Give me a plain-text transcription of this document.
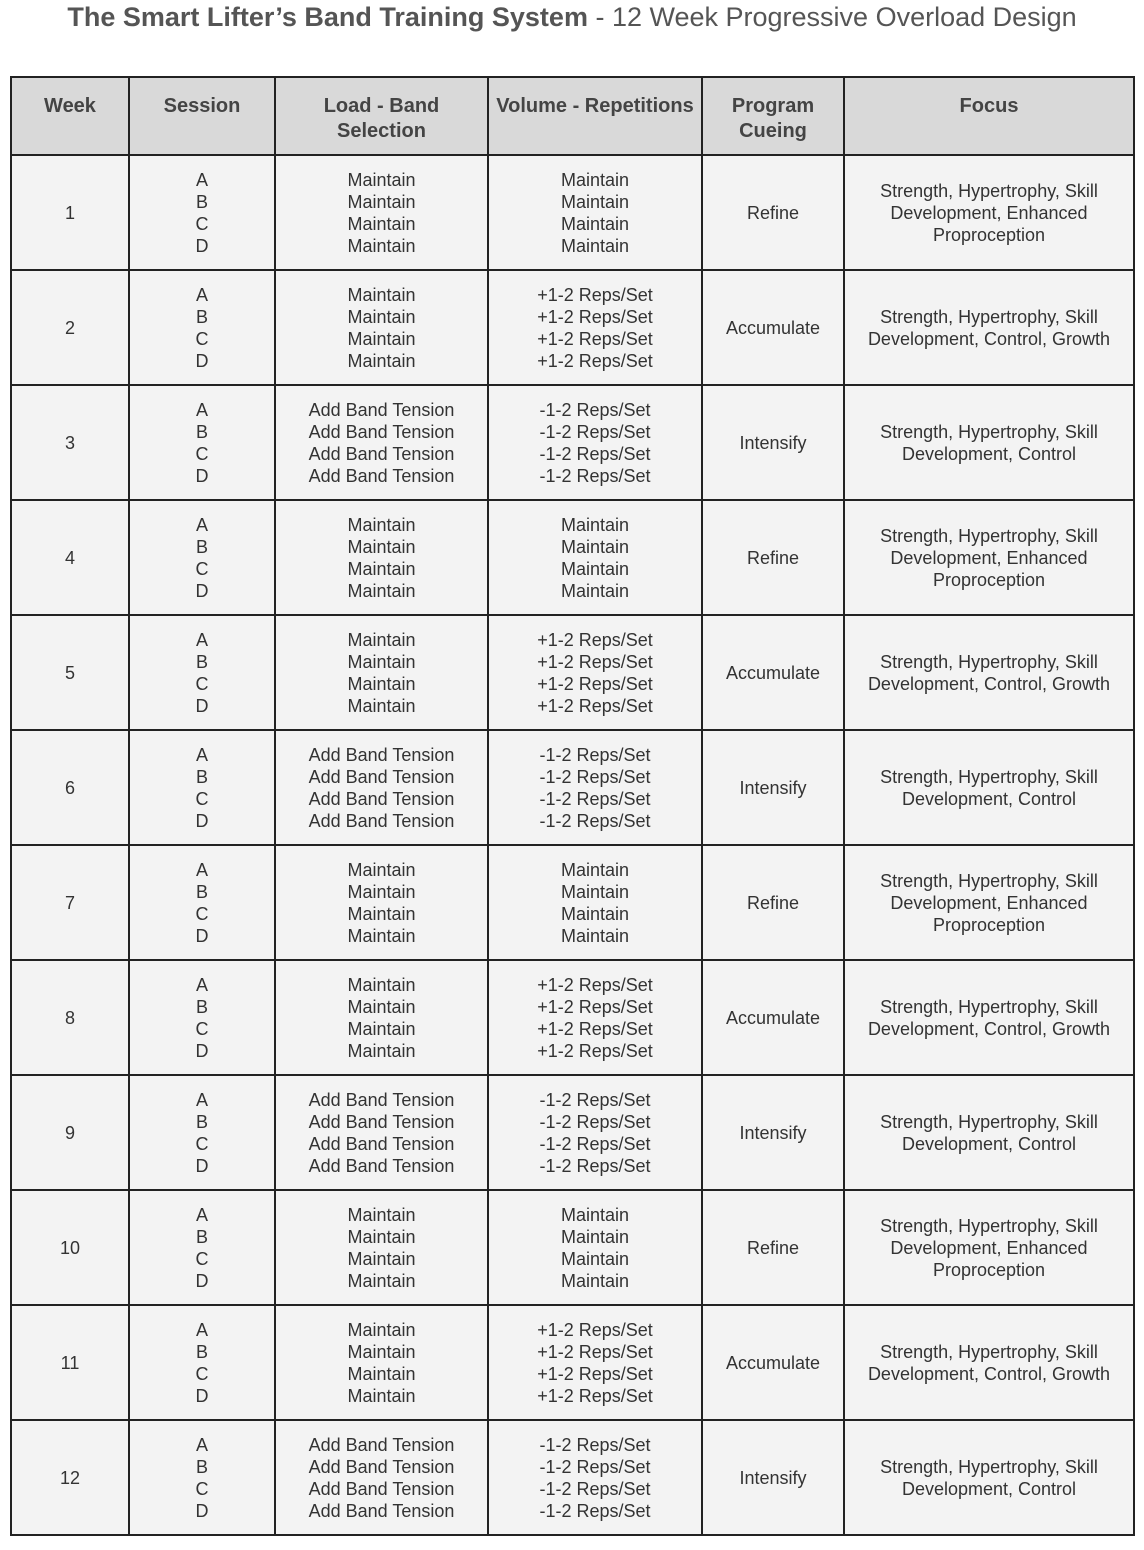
The Smart Lifter’s Band Training System - 12 Week Progressive Overload Design
Week	Session	Load - Band Selection	Volume - Repetitions	Program Cueing	Focus
1	A
B
C
D	Maintain
Maintain
Maintain
Maintain	Maintain
Maintain
Maintain
Maintain	Refine	Strength, Hypertrophy, Skill Development, Enhanced Proproception
2	A
B
C
D	Maintain
Maintain
Maintain
Maintain	+1-2 Reps/Set
+1-2 Reps/Set
+1-2 Reps/Set
+1-2 Reps/Set	Accumulate	Strength, Hypertrophy, Skill Development, Control, Growth
3	A
B
C
D	Add Band Tension
Add Band Tension
Add Band Tension
Add Band Tension	-1-2 Reps/Set
-1-2 Reps/Set
-1-2 Reps/Set
-1-2 Reps/Set	Intensify	Strength, Hypertrophy, Skill Development, Control
4	A
B
C
D	Maintain
Maintain
Maintain
Maintain	Maintain
Maintain
Maintain
Maintain	Refine	Strength, Hypertrophy, Skill Development, Enhanced Proproception
5	A
B
C
D	Maintain
Maintain
Maintain
Maintain	+1-2 Reps/Set
+1-2 Reps/Set
+1-2 Reps/Set
+1-2 Reps/Set	Accumulate	Strength, Hypertrophy, Skill Development, Control, Growth
6	A
B
C
D	Add Band Tension
Add Band Tension
Add Band Tension
Add Band Tension	-1-2 Reps/Set
-1-2 Reps/Set
-1-2 Reps/Set
-1-2 Reps/Set	Intensify	Strength, Hypertrophy, Skill Development, Control
7	A
B
C
D	Maintain
Maintain
Maintain
Maintain	Maintain
Maintain
Maintain
Maintain	Refine	Strength, Hypertrophy, Skill Development, Enhanced Proproception
8	A
B
C
D	Maintain
Maintain
Maintain
Maintain	+1-2 Reps/Set
+1-2 Reps/Set
+1-2 Reps/Set
+1-2 Reps/Set	Accumulate	Strength, Hypertrophy, Skill Development, Control, Growth
9	A
B
C
D	Add Band Tension
Add Band Tension
Add Band Tension
Add Band Tension	-1-2 Reps/Set
-1-2 Reps/Set
-1-2 Reps/Set
-1-2 Reps/Set	Intensify	Strength, Hypertrophy, Skill Development, Control
10	A
B
C
D	Maintain
Maintain
Maintain
Maintain	Maintain
Maintain
Maintain
Maintain	Refine	Strength, Hypertrophy, Skill Development, Enhanced Proproception
11	A
B
C
D	Maintain
Maintain
Maintain
Maintain	+1-2 Reps/Set
+1-2 Reps/Set
+1-2 Reps/Set
+1-2 Reps/Set	Accumulate	Strength, Hypertrophy, Skill Development, Control, Growth
12	A
B
C
D	Add Band Tension
Add Band Tension
Add Band Tension
Add Band Tension	-1-2 Reps/Set
-1-2 Reps/Set
-1-2 Reps/Set
-1-2 Reps/Set	Intensify	Strength, Hypertrophy, Skill Development, Control
